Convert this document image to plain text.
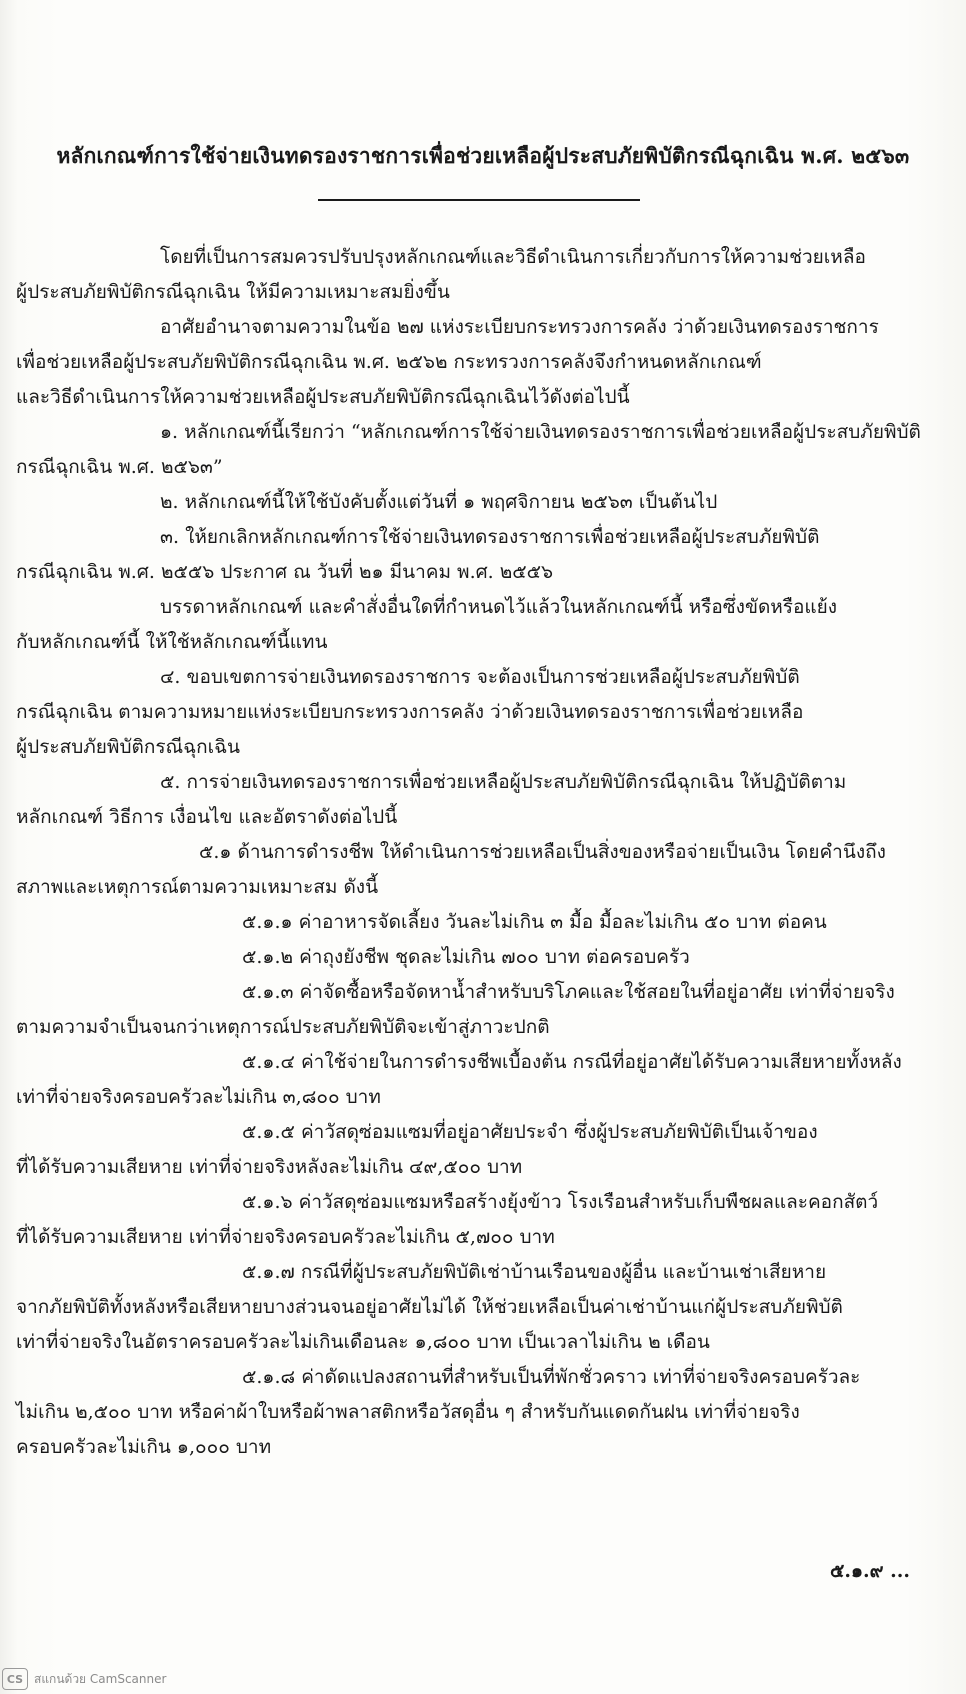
หลักเกณฑ์การใช้จ่ายเงินทดรองราชการเพื่อช่วยเหลือผู้ประสบภัยพิบัติกรณีฉุกเฉิน พ.ศ. ๒๕๖๓

โดยที่เป็นการสมควรปรับปรุงหลักเกณฑ์และวิธีดำเนินการเกี่ยวกับการให้ความช่วยเหลือ

ผู้ประสบภัยพิบัติกรณีฉุกเฉิน ให้มีความเหมาะสมยิ่งขึ้น

อาศัยอำนาจตามความในข้อ ๒๗ แห่งระเบียบกระทรวงการคลัง ว่าด้วยเงินทดรองราชการ

เพื่อช่วยเหลือผู้ประสบภัยพิบัติกรณีฉุกเฉิน พ.ศ. ๒๕๖๒ กระทรวงการคลังจึงกำหนดหลักเกณฑ์

และวิธีดำเนินการให้ความช่วยเหลือผู้ประสบภัยพิบัติกรณีฉุกเฉินไว้ดังต่อไปนี้

๑. หลักเกณฑ์นี้เรียกว่า “หลักเกณฑ์การใช้จ่ายเงินทดรองราชการเพื่อช่วยเหลือผู้ประสบภัยพิบัติ

กรณีฉุกเฉิน พ.ศ. ๒๕๖๓”

๒. หลักเกณฑ์นี้ให้ใช้บังคับตั้งแต่วันที่ ๑ พฤศจิกายน ๒๕๖๓ เป็นต้นไป

๓. ให้ยกเลิกหลักเกณฑ์การใช้จ่ายเงินทดรองราชการเพื่อช่วยเหลือผู้ประสบภัยพิบัติ

กรณีฉุกเฉิน พ.ศ. ๒๕๕๖ ประกาศ ณ วันที่ ๒๑ มีนาคม พ.ศ. ๒๕๕๖

บรรดาหลักเกณฑ์ และคำสั่งอื่นใดที่กำหนดไว้แล้วในหลักเกณฑ์นี้ หรือซึ่งขัดหรือแย้ง

กับหลักเกณฑ์นี้ ให้ใช้หลักเกณฑ์นี้แทน

๔. ขอบเขตการจ่ายเงินทดรองราชการ จะต้องเป็นการช่วยเหลือผู้ประสบภัยพิบัติ

กรณีฉุกเฉิน ตามความหมายแห่งระเบียบกระทรวงการคลัง ว่าด้วยเงินทดรองราชการเพื่อช่วยเหลือ

ผู้ประสบภัยพิบัติกรณีฉุกเฉิน

๕. การจ่ายเงินทดรองราชการเพื่อช่วยเหลือผู้ประสบภัยพิบัติกรณีฉุกเฉิน ให้ปฏิบัติตาม

หลักเกณฑ์ วิธีการ เงื่อนไข และอัตราดังต่อไปนี้

๕.๑ ด้านการดำรงชีพ ให้ดำเนินการช่วยเหลือเป็นสิ่งของหรือจ่ายเป็นเงิน โดยคำนึงถึง

สภาพและเหตุการณ์ตามความเหมาะสม ดังนี้

๕.๑.๑ ค่าอาหารจัดเลี้ยง วันละไม่เกิน ๓ มื้อ มื้อละไม่เกิน ๕๐ บาท ต่อคน

๕.๑.๒ ค่าถุงยังชีพ ชุดละไม่เกิน ๗๐๐ บาท ต่อครอบครัว

๕.๑.๓ ค่าจัดซื้อหรือจัดหาน้ำสำหรับบริโภคและใช้สอยในที่อยู่อาศัย เท่าที่จ่ายจริง

ตามความจำเป็นจนกว่าเหตุการณ์ประสบภัยพิบัติจะเข้าสู่ภาวะปกติ

๕.๑.๔ ค่าใช้จ่ายในการดำรงชีพเบื้องต้น กรณีที่อยู่อาศัยได้รับความเสียหายทั้งหลัง

เท่าที่จ่ายจริงครอบครัวละไม่เกิน ๓,๘๐๐ บาท

๕.๑.๕ ค่าวัสดุซ่อมแซมที่อยู่อาศัยประจำ ซึ่งผู้ประสบภัยพิบัติเป็นเจ้าของ

ที่ได้รับความเสียหาย เท่าที่จ่ายจริงหลังละไม่เกิน ๔๙,๕๐๐ บาท

๕.๑.๖ ค่าวัสดุซ่อมแซมหรือสร้างยุ้งข้าว โรงเรือนสำหรับเก็บพืชผลและคอกสัตว์

ที่ได้รับความเสียหาย เท่าที่จ่ายจริงครอบครัวละไม่เกิน ๕,๗๐๐ บาท

๕.๑.๗ กรณีที่ผู้ประสบภัยพิบัติเช่าบ้านเรือนของผู้อื่น และบ้านเช่าเสียหาย

จากภัยพิบัติทั้งหลังหรือเสียหายบางส่วนจนอยู่อาศัยไม่ได้ ให้ช่วยเหลือเป็นค่าเช่าบ้านแก่ผู้ประสบภัยพิบัติ

เท่าที่จ่ายจริงในอัตราครอบครัวละไม่เกินเดือนละ ๑,๘๐๐ บาท เป็นเวลาไม่เกิน ๒ เดือน

๕.๑.๘ ค่าดัดแปลงสถานที่สำหรับเป็นที่พักชั่วคราว เท่าที่จ่ายจริงครอบครัวละ

ไม่เกิน ๒,๕๐๐ บาท หรือค่าผ้าใบหรือผ้าพลาสติกหรือวัสดุอื่น ๆ สำหรับกันแดดกันฝน เท่าที่จ่ายจริง

ครอบครัวละไม่เกิน ๑,๐๐๐ บาท

๕.๑.๙ ...
CS สแกนด้วย CamScanner
